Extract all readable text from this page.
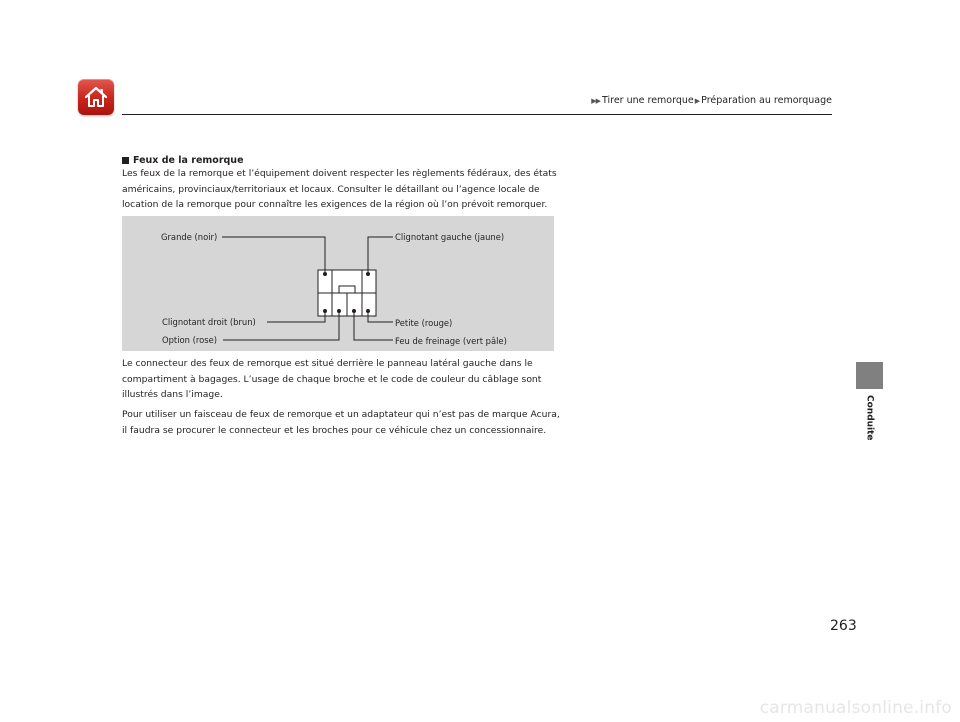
▶▶ Tirer une remorque ▶ Préparation au remorquage
Feux de la remorque

Les feux de la remorque et l’équipement doivent respecter les règlements fédéraux, des états américains, provinciaux/territoriaux et locaux. Consulter le détaillant ou l’agence locale de location de la remorque pour connaître les exigences de la région où l’on prévoit remorquer.

Grande (noir)	Clignotant gauche (jaune)
Clignotant droit (brun)	Petite (rouge)
Option (rose)	Feu de freinage (vert pâle)

Le connecteur des feux de remorque est situé derrière le panneau latéral gauche dans le compartiment à bagages. L’usage de chaque broche et le code de couleur du câblage sont illustrés dans l’image.

Pour utiliser un faisceau de feux de remorque et un adaptateur qui n’est pas de marque Acura, il faudra se procurer le connecteur et les broches pour ce véhicule chez un concessionnaire.	Conduite
263
carmanualsonline.info
